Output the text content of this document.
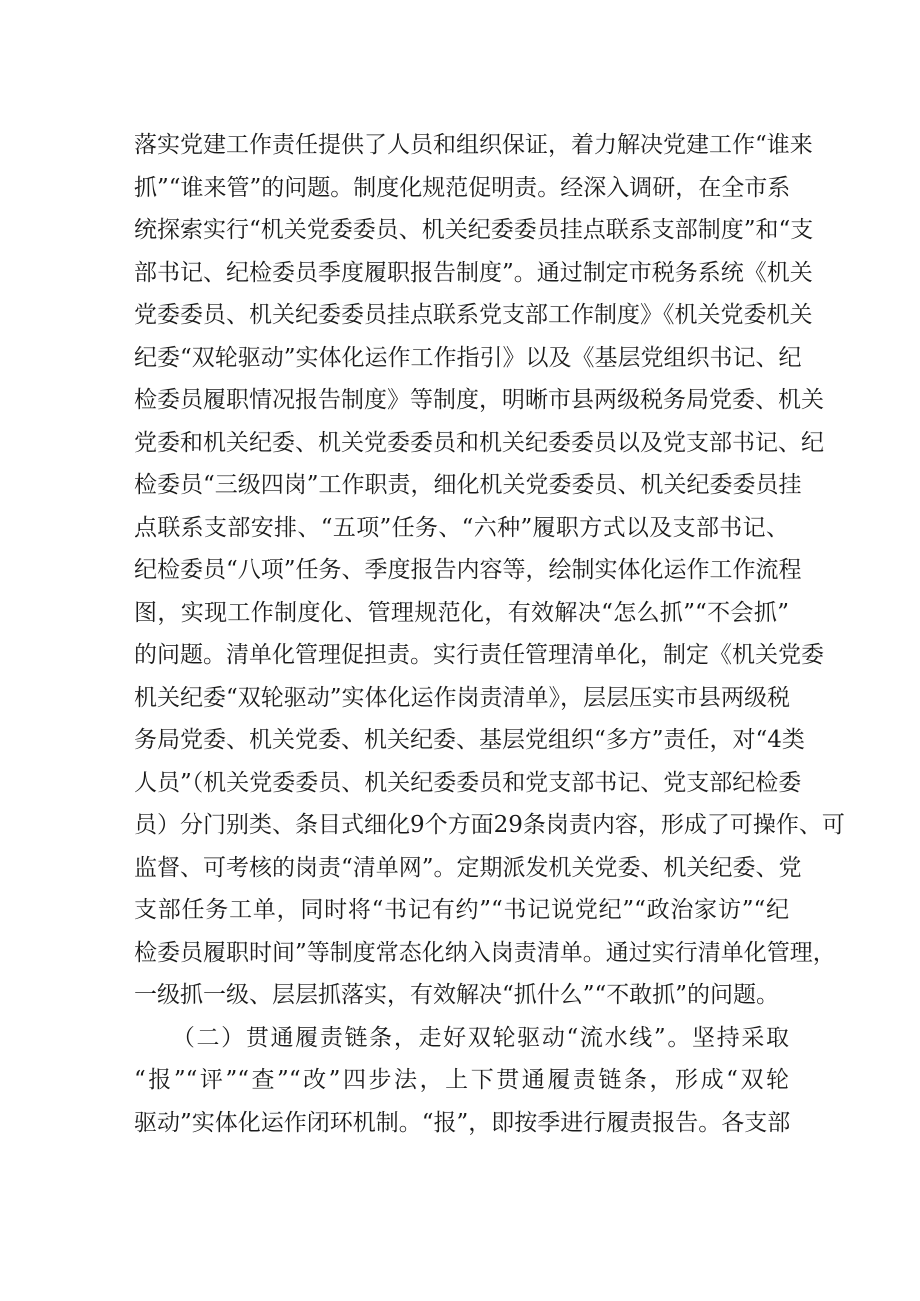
落实党建工作责任提供了人员和组织保证，着力解决党建工作“谁来
抓”“谁来管”的问题。制度化规范促明责。经深入调研，在全市系
统探索实行“机关党委委员、机关纪委委员挂点联系支部制度”和“支
部书记、纪检委员季度履职报告制度”。通过制定市税务系统《机关
党委委员、机关纪委委员挂点联系党支部工作制度》《机关党委机关
纪委“双轮驱动”实体化运作工作指引》以及《基层党组织书记、纪
检委员履职情况报告制度》等制度，明晰市县两级税务局党委、机关
党委和机关纪委、机关党委委员和机关纪委委员以及党支部书记、纪
检委员“三级四岗”工作职责，细化机关党委委员、机关纪委委员挂
点联系支部安排、“五项”任务、“六种”履职方式以及支部书记、
纪检委员“八项”任务、季度报告内容等，绘制实体化运作工作流程
图，实现工作制度化、管理规范化，有效解决“怎么抓”“不会抓”
的问题。清单化管理促担责。实行责任管理清单化，制定《机关党委
机关纪委“双轮驱动”实体化运作岗责清单》，层层压实市县两级税
务局党委、机关党委、机关纪委、基层党组织“多方”责任，对“4类
人员”（机关党委委员、机关纪委委员和党支部书记、党支部纪检委
员）分门别类、条目式细化9个方面29条岗责内容，形成了可操作、可
监督、可考核的岗责“清单网”。定期派发机关党委、机关纪委、党
支部任务工单，同时将“书记有约”“书记说党纪”“政治家访”“纪
检委员履职时间”等制度常态化纳入岗责清单。通过实行清单化管理，
一级抓一级、层层抓落实，有效解决“抓什么”“不敢抓”的问题。
　　（二）贯通履责链条，走好双轮驱动“流水线”。坚持采取
“报”“评”“查”“改”四步法，上下贯通履责链条，形成“双轮
驱动”实体化运作闭环机制。“报”，即按季进行履责报告。各支部
